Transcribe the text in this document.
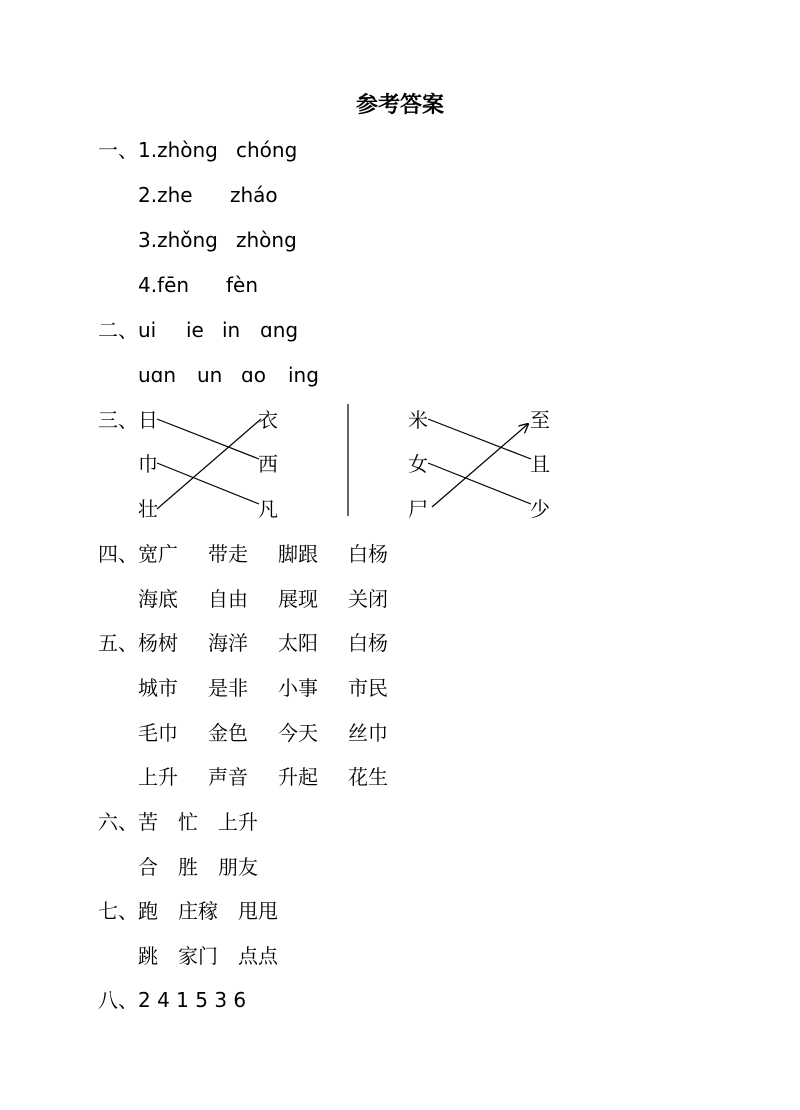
参考答案
一、 1.zhòng chóng
2.zhe zháo
3.zhǒng zhòng
4.fēn fèn
二、 ui ie in ɑng
uɑn un ɑo ing
三、 日
巾
壮
衣
西
凡
米
女
尸
至
且
少
四、 宽广 带走 脚跟 白杨
海底 自由 展现 关闭
五、 杨树 海洋 太阳 白杨
城市 是非 小事 市民
毛巾 金色 今天 丝巾
上升 声音 升起 花生
六、 苦 忙 上升
合 胜 朋友
七、 跑 庄稼 甩甩
跳 家门 点点
八、 2 4 1 5 3 6
